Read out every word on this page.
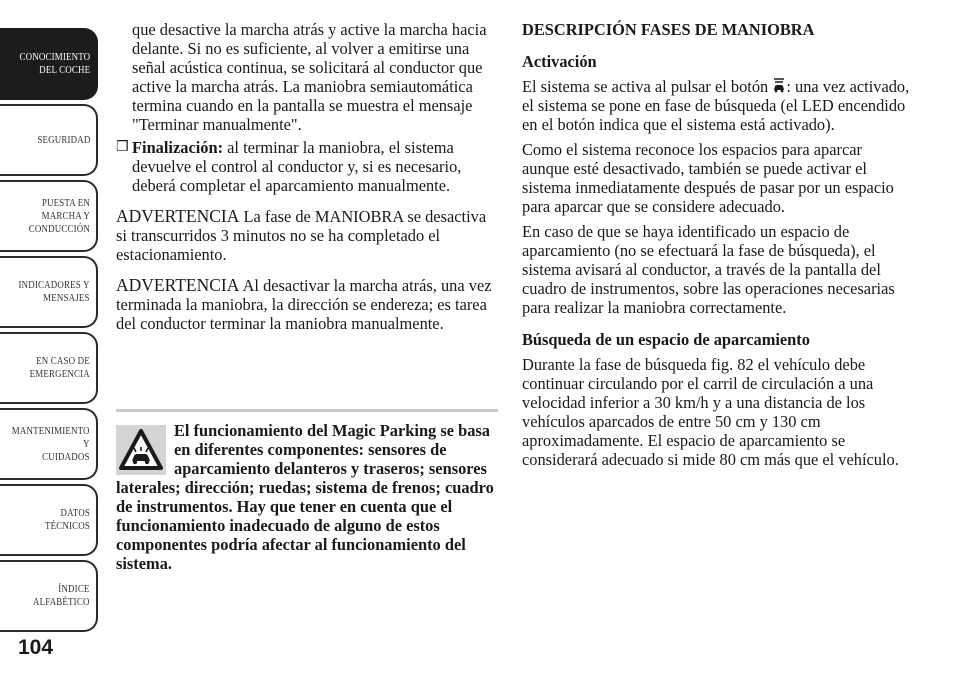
CONOCIMIENTO
DEL COCHE
SEGURIDAD
PUESTA EN
MARCHA Y
CONDUCCIÓN
INDICADORES Y
MENSAJES
EN CASO DE
EMERGENCIA
MANTENIMIENTO Y
CUIDADOS
DATOS TÉCNICOS
ÍNDICE
ALFABÉTICO
104

que desactive la marcha atrás y active la marcha hacia delante. Si no es suficiente, al volver a emitirse una señal acústica continua, se solicitará al conductor que active la marcha atrás. La maniobra semiautomática termina cuando en la pantalla se muestra el mensaje "Terminar manualmente".

❒ Finalización: al terminar la maniobra, el sistema devuelve el control al conductor y, si es necesario, deberá completar el aparcamiento manualmente.

ADVERTENCIA La fase de MANIOBRA se desactiva si transcurridos 3 minutos no se ha completado el estacionamiento.

ADVERTENCIA Al desactivar la marcha atrás, una vez terminada la maniobra, la dirección se endereza; es tarea del conductor terminar la maniobra manualmente.

El funcionamiento del Magic Parking se basa en diferentes componentes: sensores de aparcamiento delanteros y traseros; sensores laterales; dirección; ruedas; sistema de frenos; cuadro de instrumentos. Hay que tener en cuenta que el funcionamiento inadecuado de alguno de estos componentes podría afectar al funcionamiento del sistema.
DESCRIPCIÓN FASES DE MANIOBRA
Activación

El sistema se activa al pulsar el botón : una vez activado, el sistema se pone en fase de búsqueda (el LED encendido en el botón indica que el sistema está activado).

Como el sistema reconoce los espacios para aparcar aunque esté desactivado, también se puede activar el sistema inmediatamente después de pasar por un espacio para aparcar que se considere adecuado.

En caso de que se haya identificado un espacio de aparcamiento (no se efectuará la fase de búsqueda), el sistema avisará al conductor, a través de la pantalla del cuadro de instrumentos, sobre las operaciones necesarias para realizar la maniobra correctamente.

Búsqueda de un espacio de aparcamiento

Durante la fase de búsqueda fig. 82 el vehículo debe continuar circulando por el carril de circulación a una velocidad inferior a 30 km/h y a una distancia de los vehículos aparcados de entre 50 cm y 130 cm aproximadamente. El espacio de aparcamiento se considerará adecuado si mide 80 cm más que el vehículo.
